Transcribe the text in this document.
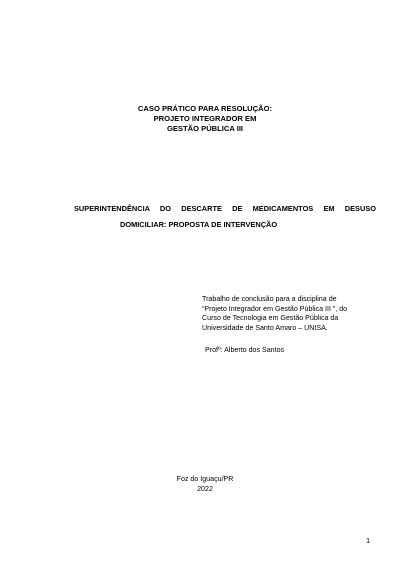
CASO PRÁTICO PARA RESOLUÇÃO:
PROJETO INTEGRADOR EM
GESTÃO PÚBLICA III
SUPERINTENDÊNCIA DO DESCARTE DE MEDICAMENTOS EM DESUSO
DOMICILIAR: PROPOSTA DE INTERVENÇÃO
Trabalho de conclusão para a disciplina de
“Projeto Integrador em Gestão Pública III ”, do
Curso de Tecnologia em Gestão Pública da
Universidade de Santo Amaro – UNISA.
Profº: Alberto dos Santos
Foz do Iguaçu/PR
2022
1
